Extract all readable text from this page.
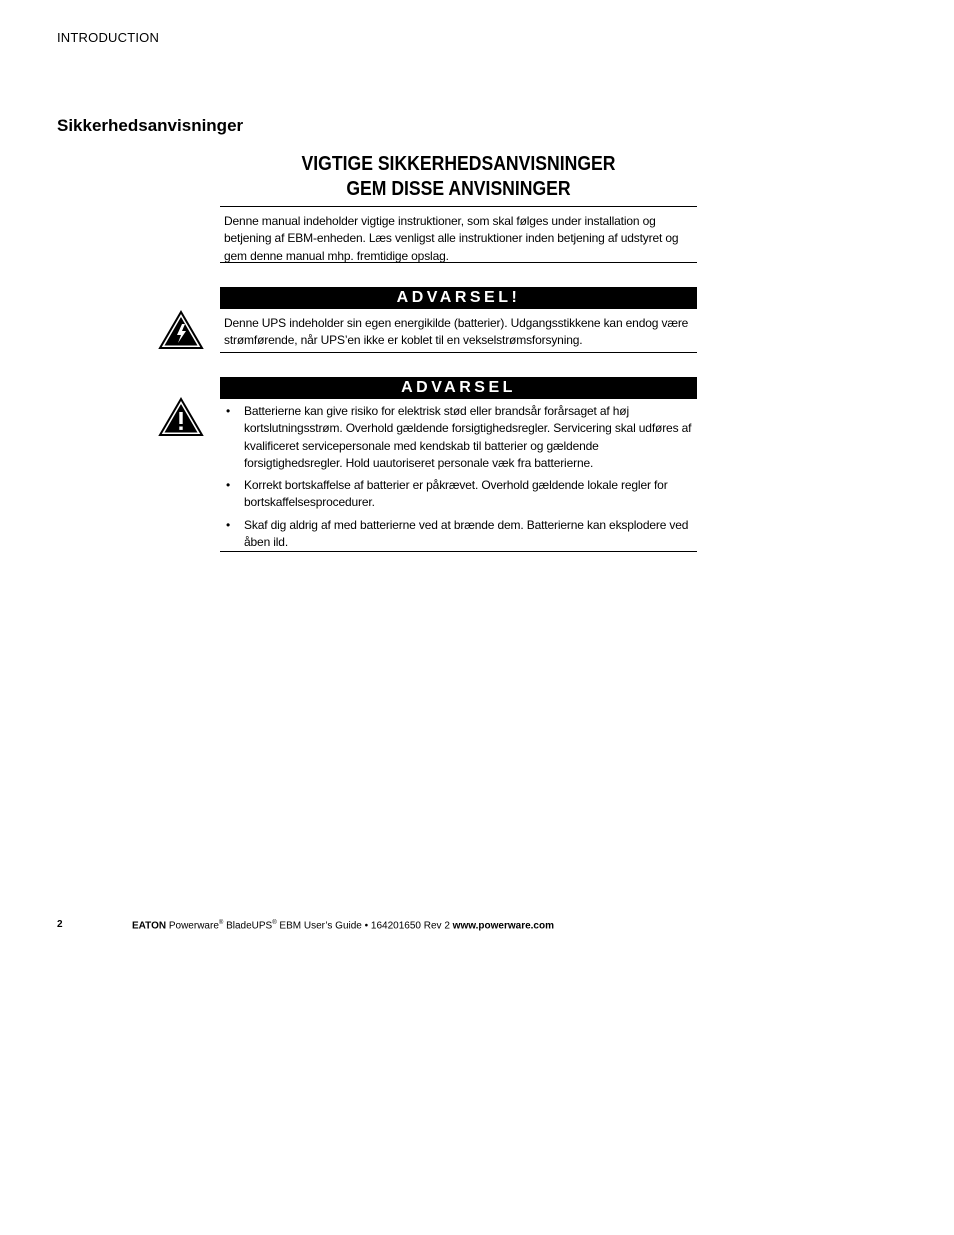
INTRODUCTION
Sikkerhedsanvisninger
VIGTIGE SIKKERHEDSANVISNINGER
GEM DISSE ANVISNINGER
Denne manual indeholder vigtige instruktioner, som skal følges under installation og betjening af EBM-enheden. Læs venligst alle instruktioner inden betjening af udstyret og gem denne manual mhp. fremtidige opslag.
ADVARSEL!
Denne UPS indeholder sin egen energikilde (batterier). Udgangsstikkene kan endog være strømførende, når UPS’en ikke er koblet til en vekselstrømsforsyning.
ADVARSEL
• Batterierne kan give risiko for elektrisk stød eller brandsår forårsaget af høj kortslutningsstrøm. Overhold gældende forsigtighedsregler. Servicering skal udføres af kvalificeret servicepersonale med kendskab til batterier og gældende forsigtighedsregler. Hold uautoriseret personale væk fra batterierne.
• Korrekt bortskaffelse af batterier er påkrævet. Overhold gældende lokale regler for bortskaffelsesprocedurer.
• Skaf dig aldrig af med batterierne ved at brænde dem. Batterierne kan eksplodere ved åben ild.
2	EATON Powerware® BladeUPS® EBM User’s Guide • 164201650 Rev 2 www.powerware.com
